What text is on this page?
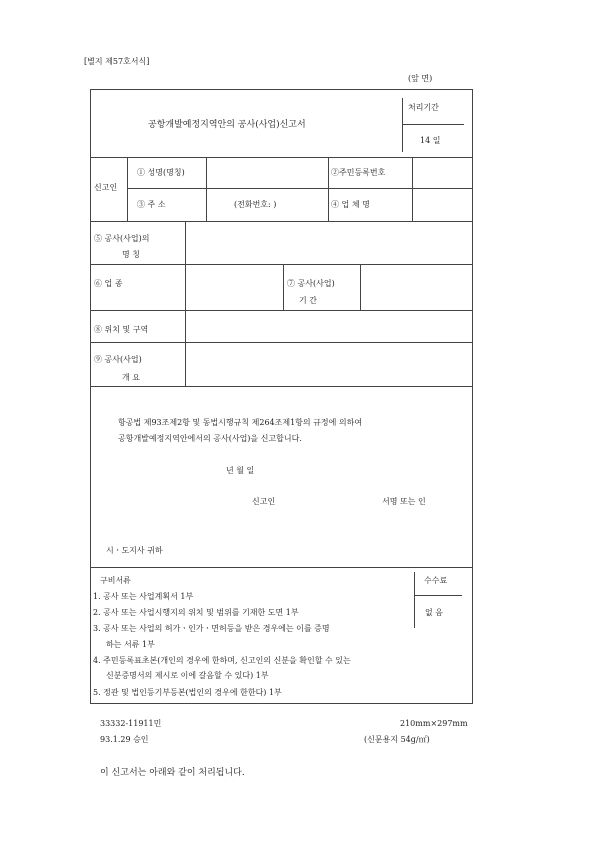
[별지 제57호서식]
(앞 면)
공항개발예정지역안의 공사(사업)신고서
처리기간
14 일
신고인
① 성명(명칭)	②주민등록번호
③ 주 소	(전화번호: )	④ 업 체 명
⑤ 공사(사업)의
명 칭
⑥ 업 종	⑦ 공사(사업)
기 간
⑧ 위치 및 구역
⑨ 공사(사업)
개 요
항공법 제93조제2항 및 동법시행규칙 제264조제1항의 규정에 의하여
공항개발예정지역안에서의 공사(사업)을 신고합니다.
년 월 일
신고인	서명 또는 인
시ㆍ도지사 귀하
구비서류	수수료
없 음
1. 공사 또는 사업계획서 1부
2. 공사 또는 사업시행지의 위치 및 범위를 기재한 도면 1부
3. 공사 또는 사업의 허가ㆍ인가ㆍ면허등을 받은 경우에는 이를 증명
하는 서류 1부
4. 주민등록표초본(개인의 경우에 한하며, 신고인의 신분을 확인할 수 있는
신분증명서의 제시로 이에 갈음할 수 있다) 1부
5. 정관 및 법인등기부등본(법인의 경우에 한한다) 1부
33332-11911민
93.1.29 승인
210mm×297mm
(신문용지 54g/㎡)
이 신고서는 아래와 같이 처리됩니다.
